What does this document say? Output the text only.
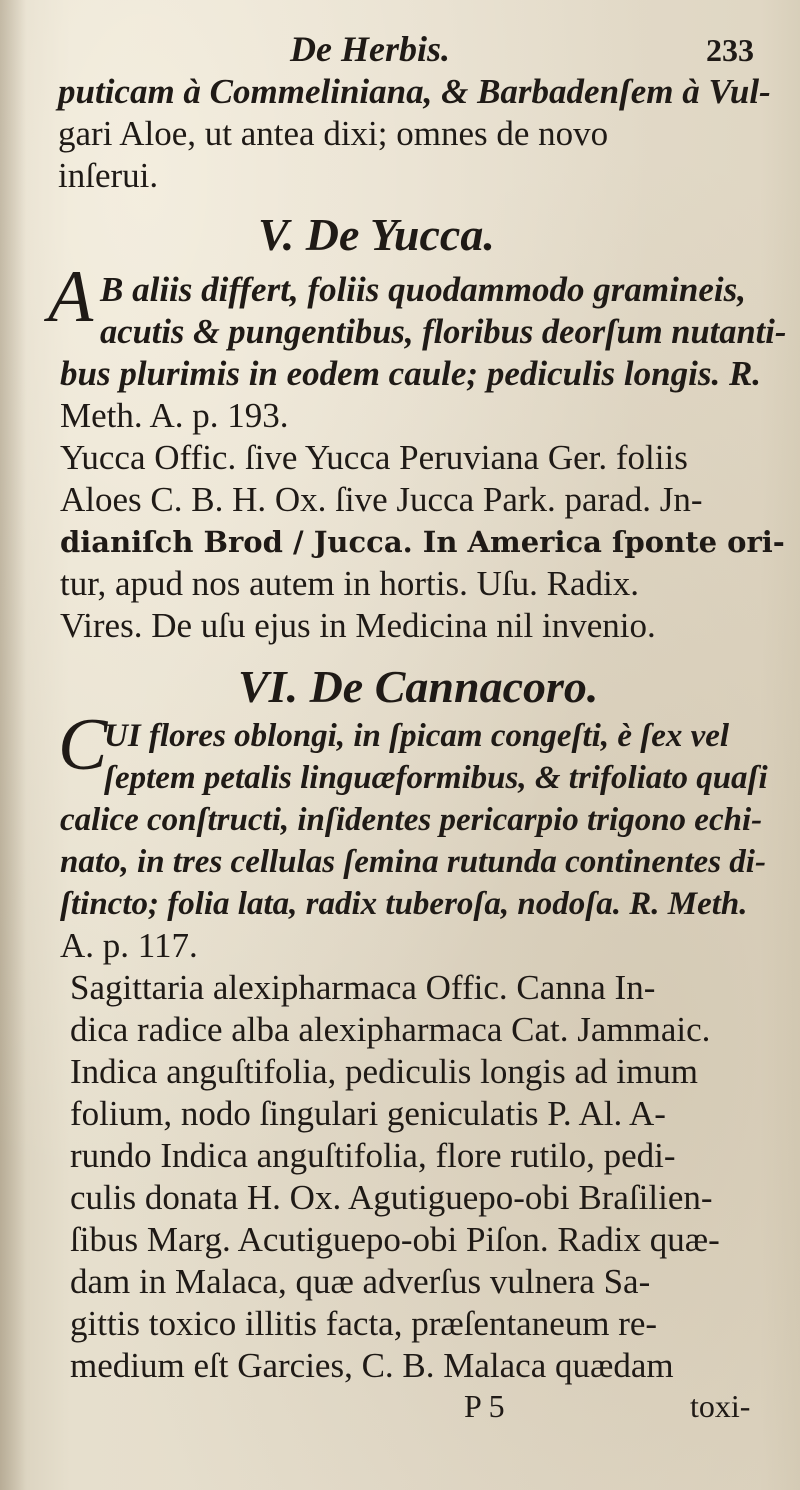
De Herbis.	233
puticam à Commeliniana, & Barbadenſem à Vul-
gari Aloe, ut antea dixi; omnes de novo
inſerui.
V. De Yucca.
A B aliis differt, foliis quodammodo gramineis,
acutis & pungentibus, floribus deorſum nutanti-
bus plurimis in eodem caule; pediculis longis. R.
Meth. A. p. 193.
Yucca Offic. ſive Yucca Peruviana Ger. foliis
Aloes C. B. H. Ox. ſive Jucca Park. parad. Jn-
dianiſch Brod / Jucca. In America ſponte ori-
tur, apud nos autem in hortis. Uſu. Radix.
Vires. De uſu ejus in Medicina nil invenio.
VI. De Cannacoro.
C
UI flores oblongi, in ſpicam congeſti, è ſex vel
ſeptem petalis linguæformibus, & trifoliato quaſi
calice conſtructi, inſidentes pericarpio trigono echi-
nato, in tres cellulas ſemina rutunda continentes di-
ſtincto; folia lata, radix tuberoſa, nodoſa. R. Meth.
A. p. 117.
Sagittaria alexipharmaca Offic. Canna In-
dica radice alba alexipharmaca Cat. Jammaic.
Indica anguſtifolia, pediculis longis ad imum
folium, nodo ſingulari geniculatis P. Al. A-
rundo Indica anguſtifolia, flore rutilo, pedi-
culis donata H. Ox. Agutiguepo-obi Braſilien-
ſibus Marg. Acutiguepo-obi Piſon. Radix quæ-
dam in Malaca, quæ adverſus vulnera Sa-
gittis toxico illitis facta, præſentaneum re-
medium eſt Garcies, C. B. Malaca quædam
P 5	toxi-
